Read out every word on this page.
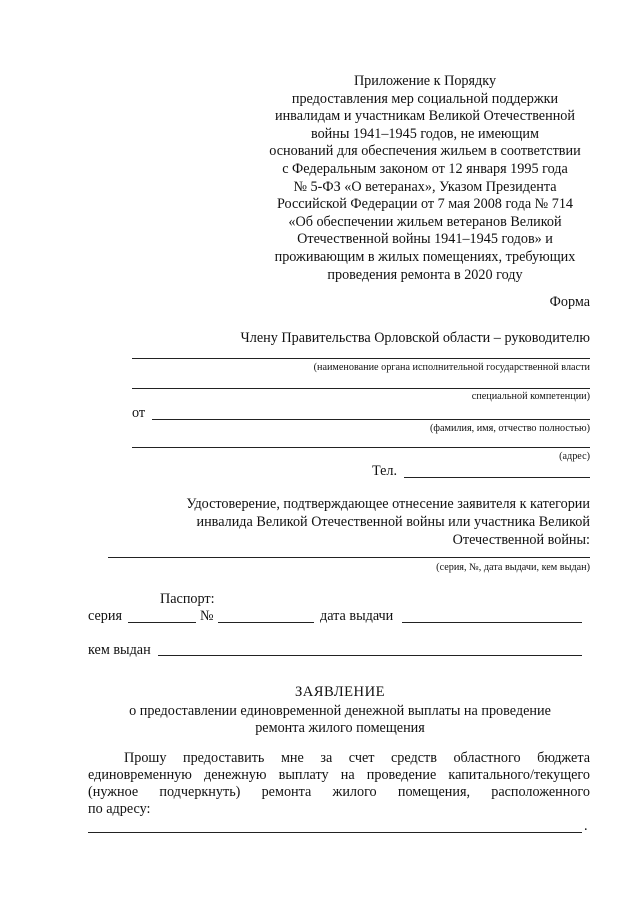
Приложение к Порядку
предоставления мер социальной поддержки
инвалидам и участникам Великой Отечественной
войны 1941–1945 годов, не имеющим
оснований для обеспечения жильем в соответствии
с Федеральным законом от 12 января 1995 года
№ 5-ФЗ «О ветеранах», Указом Президента
Российской Федерации от 7 мая 2008 года № 714
«Об обеспечении жильем ветеранов Великой
Отечественной войны 1941–1945 годов» и
проживающим в жилых помещениях, требующих
проведения ремонта в 2020 году
Форма
Члену Правительства Орловской области – руководителю
(наименование органа исполнительной государственной власти
специальной компетенции)
от
(фамилия, имя, отчество полностью)
(адрес)
Тел.
Удостоверение, подтверждающее отнесение заявителя к категории
инвалида Великой Отечественной войны или участника Великой
Отечественной войны:
(серия, №, дата выдачи, кем выдан)
Паспорт:
серия	№	дата выдачи
кем выдан
ЗАЯВЛЕНИЕ
о предоставлении единовременной денежной выплаты на проведение
ремонта жилого помещения
Прошу предоставить мне за счет средств областного бюджета
единовременную денежную выплату на проведение капитального/текущего
(нужное подчеркнуть) ремонта жилого помещения, расположенного
по адресу:
.
